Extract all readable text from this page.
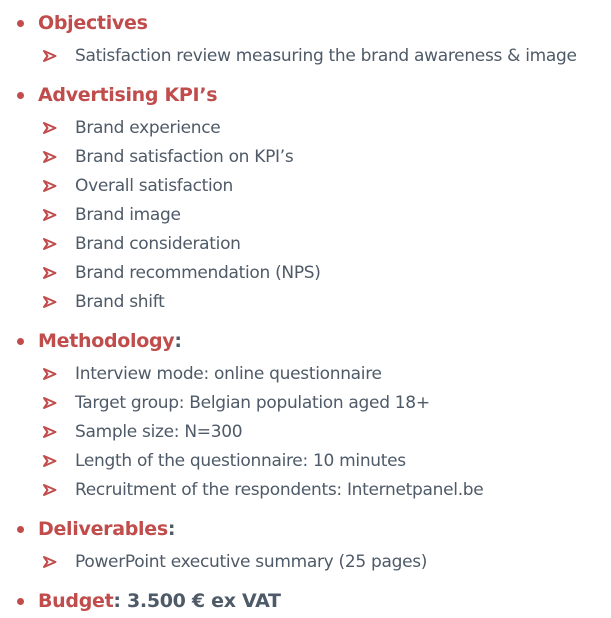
Objectives
Satisfaction review measuring the brand awareness & image
Advertising KPI’s
Brand experience
Brand satisfaction on KPI’s
Overall satisfaction
Brand image
Brand consideration
Brand recommendation (NPS)
Brand shift
Methodology :
Interview mode: online questionnaire
Target group: Belgian population aged 18+
Sample size: N=300
Length of the questionnaire: 10 minutes
Recruitment of the respondents: Internetpanel.be
Deliverables :
PowerPoint executive summary (25 pages)
Budget : 3.500 € ex VAT
